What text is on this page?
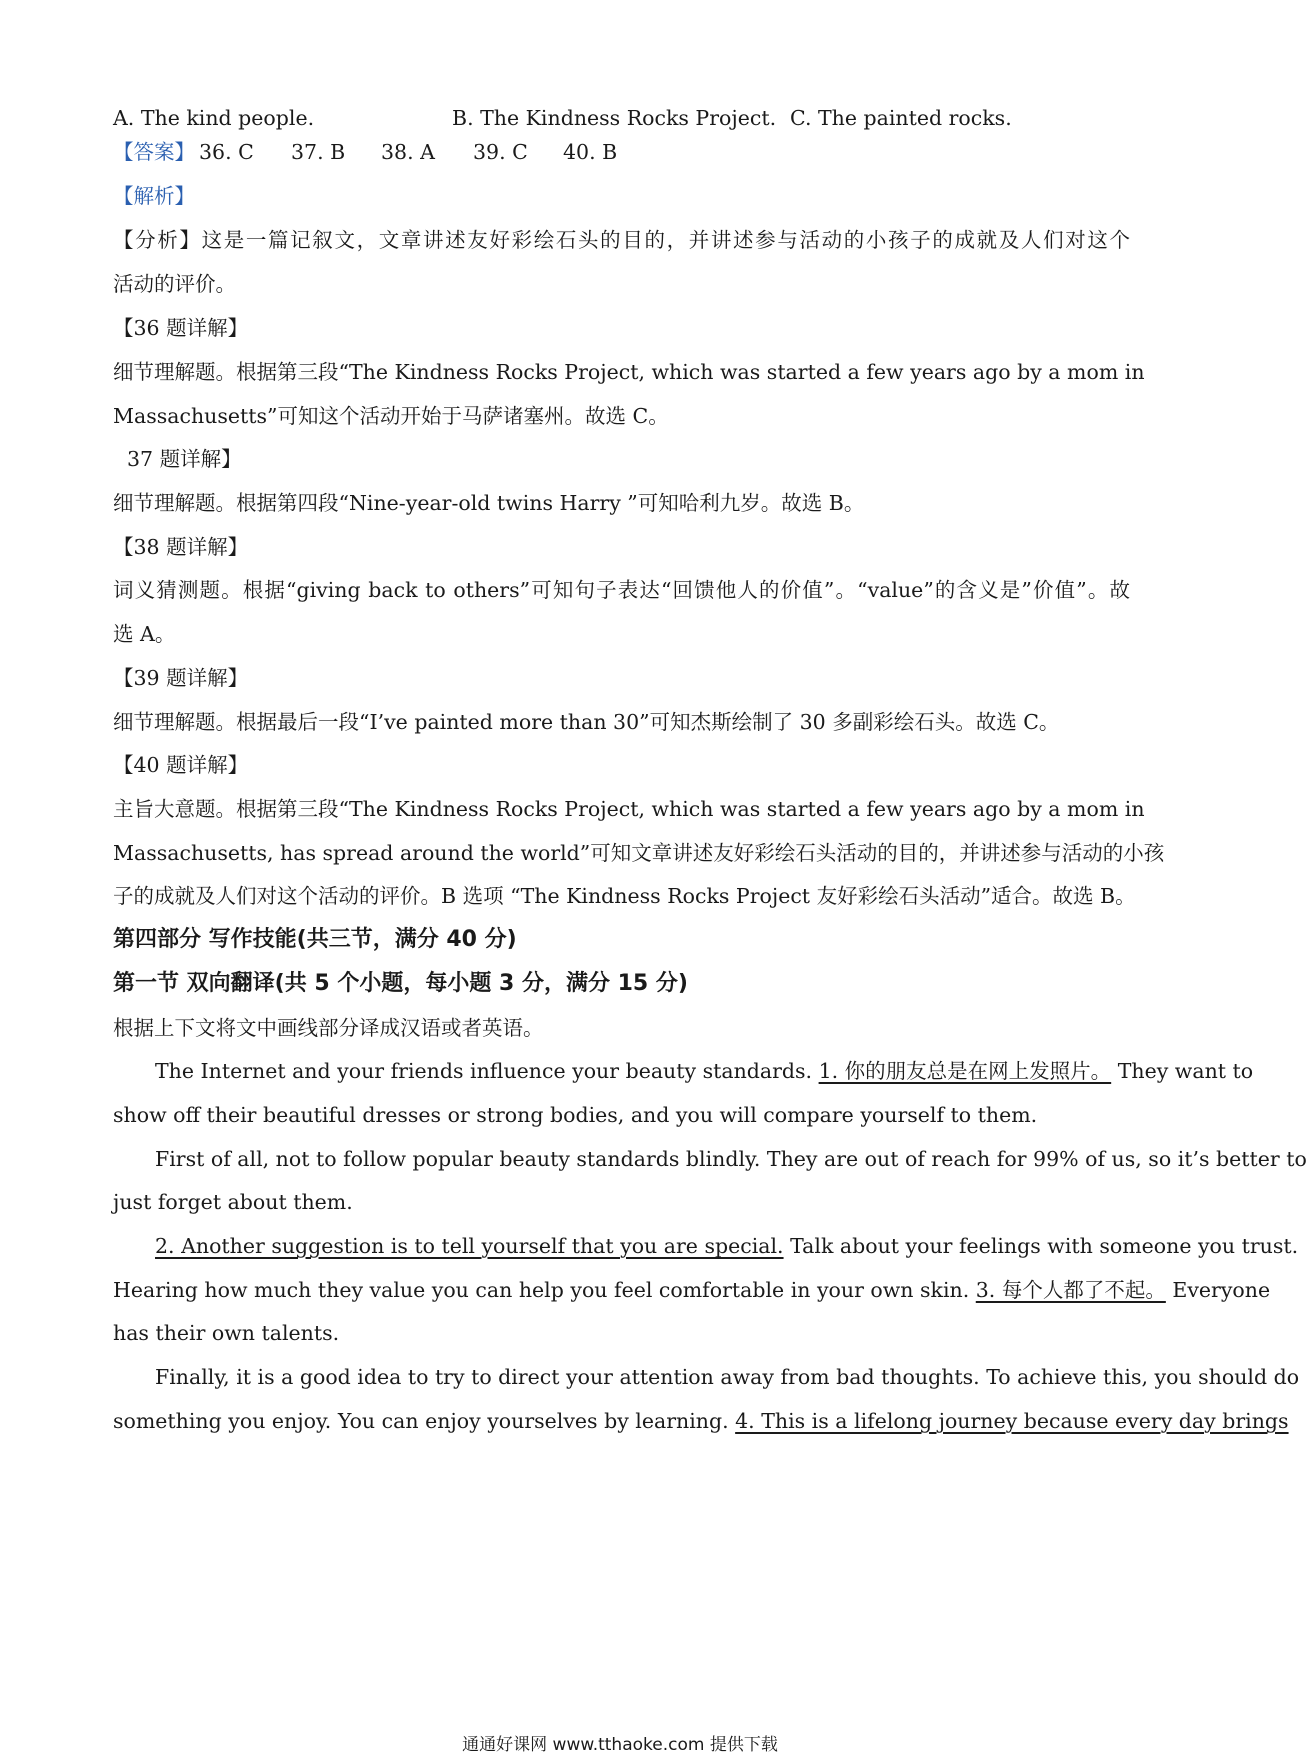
A. The kind people.	B. The Kindness Rocks Project. C. The painted rocks.
【答案】 36. C 37. B 38. A 39. C 40. B
【解析】
【分析】这是一篇记叙文，文章讲述友好彩绘石头的目的，并讲述参与活动的小孩子的成就及人们对这个
活动的评价。
【36 题详解】
细节理解题。根据第三段“The Kindness Rocks Project, which was started a few years ago by a mom in
Massachusetts”可知这个活动开始于马萨诸塞州。故选 C。
37 题详解】
细节理解题。根据第四段“Nine-year-old twins Harry ”可知哈利九岁。故选 B。
【38 题详解】
词义猜测题。根据“giving back to others”可知句子表达“回馈他人的价值”。“value”的含义是”价值”。故
选 A。
【39 题详解】
细节理解题。根据最后一段“I’ve painted more than 30”可知杰斯绘制了 30 多副彩绘石头。故选 C。
【40 题详解】
主旨大意题。根据第三段“The Kindness Rocks Project, which was started a few years ago by a mom in
Massachusetts, has spread around the world”可知文章讲述友好彩绘石头活动的目的，并讲述参与活动的小孩
子的成就及人们对这个活动的评价。B 选项 “The Kindness Rocks Project 友好彩绘石头活动”适合。故选 B。
第四部分 写作技能(共三节，满分 40 分)
第一节 双向翻译(共 5 个小题，每小题 3 分，满分 15 分)
根据上下文将文中画线部分译成汉语或者英语。
The Internet and your friends influence your beauty standards. 1. 你的朋友总是在网上发照片。 They want to
show off their beautiful dresses or strong bodies, and you will compare yourself to them.
First of all, not to follow popular beauty standards blindly. They are out of reach for 99% of us, so it’s better to
just forget about them.
2. Another suggestion is to tell yourself that you are special. Talk about your feelings with someone you trust.
Hearing how much they value you can help you feel comfortable in your own skin. 3. 每个人都了不起。 Everyone
has their own talents.
Finally, it is a good idea to try to direct your attention away from bad thoughts. To achieve this, you should do
something you enjoy. You can enjoy yourselves by learning. 4. This is a lifelong journey because every day brings
通通好课网 www.tthaoke.com 提供下载
